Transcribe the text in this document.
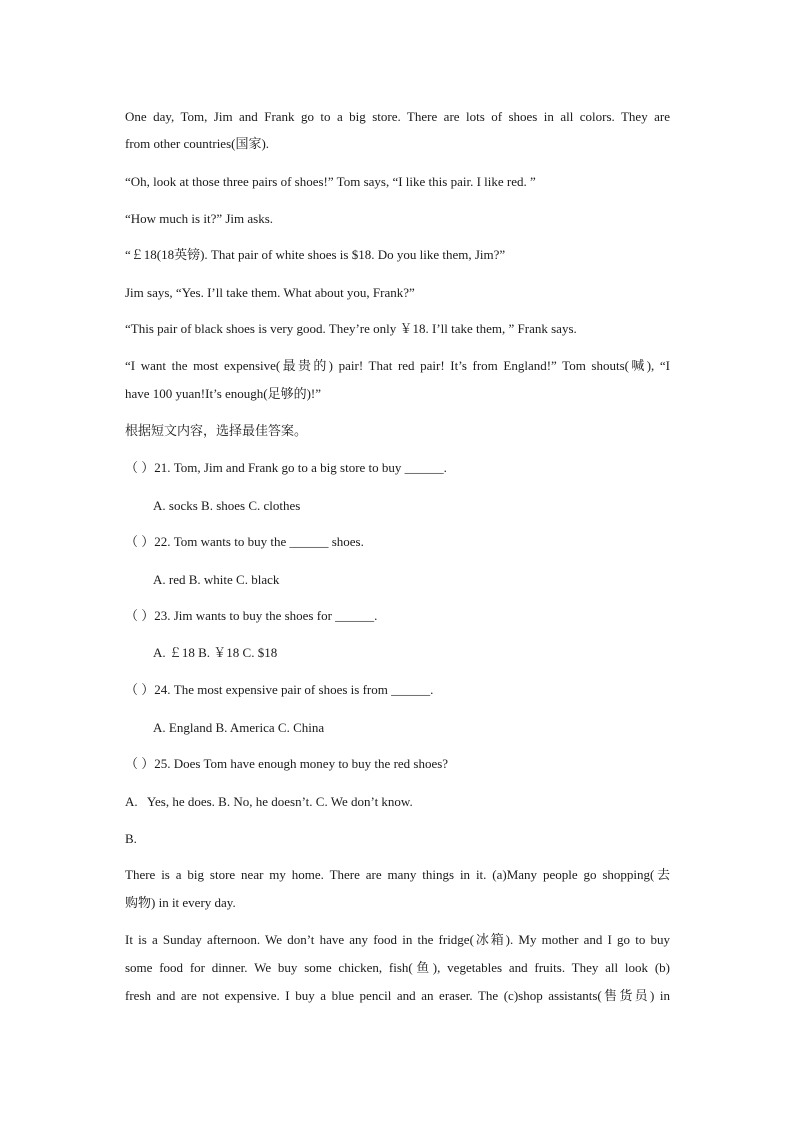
One day, Tom, Jim and Frank go to a big store. There are lots of shoes in all colors. They are
from other countries(国家).
“Oh, look at those three pairs of shoes!” Tom says, “I like this pair. I like red. ”
“How much is it?” Jim asks.
“￡18(18英镑). That pair of white shoes is $18. Do you like them, Jim?”
Jim says, “Yes. I’ll take them. What about you, Frank?”
“This pair of black shoes is very good. They’re only ￥18. I’ll take them, ” Frank says.
“I want the most expensive(最贵的) pair! That red pair! It’s from England!” Tom shouts(喊), “I
have 100 yuan!It’s enough(足够的)!”
根据短文内容，选择最佳答案。
（ ）21. Tom, Jim and Frank go to a big store to buy ______.
A. socks B. shoes C. clothes
（ ）22. Tom wants to buy the ______ shoes.
A. red B. white C. black
（ ）23. Jim wants to buy the shoes for ______.
A. ￡18 B. ￥18 C. $18
（ ）24. The most expensive pair of shoes is from ______.
A. England B. America C. China
（ ）25. Does Tom have enough money to buy the red shoes?
A.   Yes, he does. B. No, he doesn’t. C. We don’t know.
B.
There is a big store near my home. There are many things in it. (a)Many people go shopping(去
购物) in it every day.
It is a Sunday afternoon. We don’t have any food in the fridge(冰箱). My mother and I go to buy
some food for dinner. We buy some chicken, fish(鱼), vegetables and fruits. They all look (b)
fresh and are not expensive. I buy a blue pencil and an eraser. The (c)shop assistants(售货员) in
